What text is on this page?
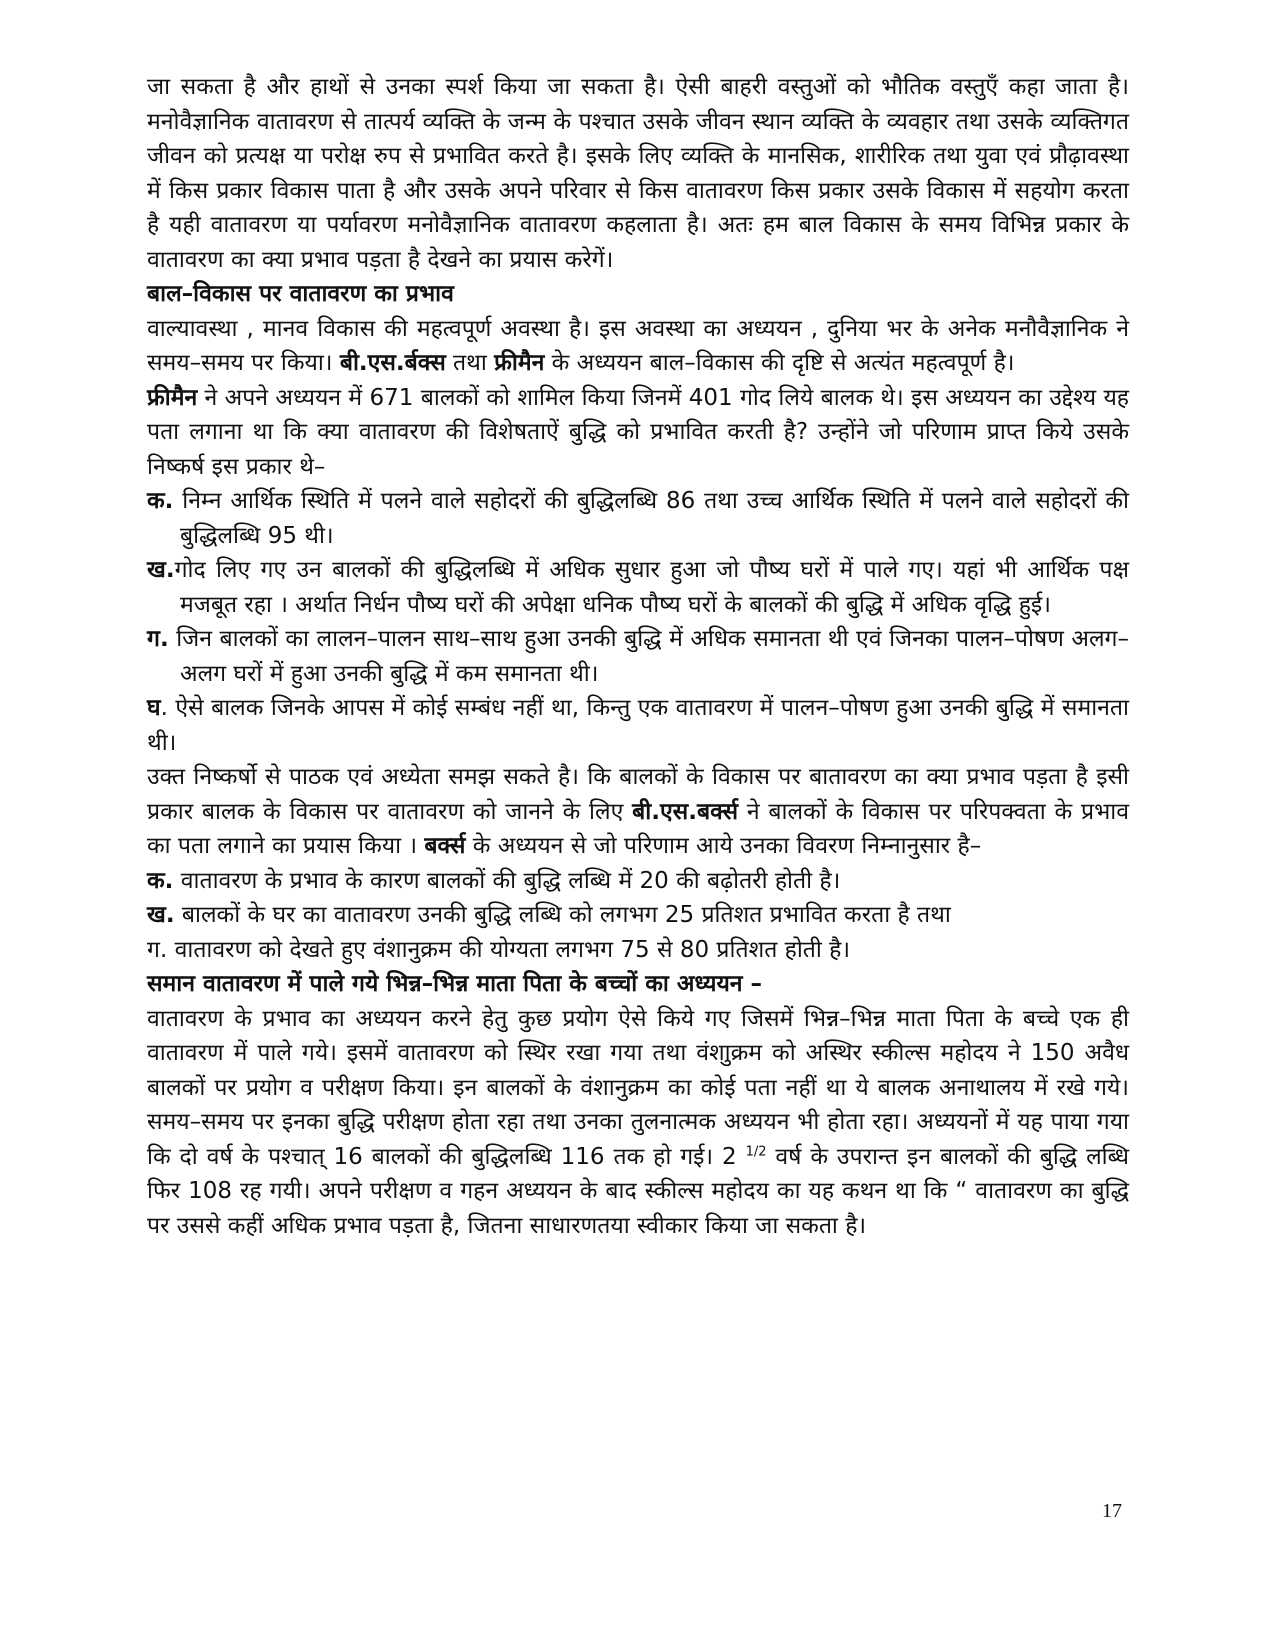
जा सकता है और हाथों से उनका स्पर्श किया जा सकता है। ऐसी बाहरी वस्तुओं को भौतिक वस्तुएँ कहा जाता है। मनोवैज्ञानिक वातावरण से तात्पर्य व्यक्ति के जन्म के पश्चात उसके जीवन स्थान व्यक्ति के व्यवहार तथा उसके व्यक्तिगत जीवन को प्रत्यक्ष या परोक्ष रुप से प्रभावित करते है। इसके लिए व्यक्ति के मानसिक, शारीरिक तथा युवा एवं प्रौढ़ावस्था में किस प्रकार विकास पाता है और उसके अपने परिवार से किस वातावरण किस प्रकार उसके विकास में सहयोग करता है यही वातावरण या पर्यावरण मनोवैज्ञानिक वातावरण कहलाता है। अतः हम बाल विकास के समय विभिन्न प्रकार के वातावरण का क्या प्रभाव पड़ता है देखने का प्रयास करेगें।

बाल–विकास पर वातावरण का प्रभाव

वाल्यावस्था , मानव विकास की महत्वपूर्ण अवस्था है। इस अवस्था का अध्ययन , दुनिया भर के अनेक मनौवैज्ञानिक ने समय–समय पर किया। बी.एस.र्बक्स तथा फ्रीमैन के अध्ययन बाल–विकास की दृष्टि से अत्यंत महत्वपूर्ण है।

फ्रीमैन ने अपने अध्ययन में 671 बालकों को शामिल किया जिनमें 401 गोद लिये बालक थे। इस अध्ययन का उद्देश्य यह पता लगाना था कि क्या वातावरण की विशेषताऐं बुद्धि को प्रभावित करती है? उन्होंने जो परिणाम प्राप्त किये उसके निष्कर्ष इस प्रकार थे–

क. निम्न आर्थिक स्थिति में पलने वाले सहोदरों की बुद्धिलब्धि 86 तथा उच्च आर्थिक स्थिति में पलने वाले सहोदरों की बुद्धिलब्धि 95 थी।

ख.गोद लिए गए उन बालकों की बुद्धिलब्धि में अधिक सुधार हुआ जो पौष्य घरों में पाले गए। यहां भी आर्थिक पक्ष मजबूत रहा । अर्थात निर्धन पौष्य घरों की अपेक्षा धनिक पौष्य घरों के बालकों की बुद्धि में अधिक वृद्धि हुई।

ग. जिन बालकों का लालन–पालन साथ–साथ हुआ उनकी बुद्धि में अधिक समानता थी एवं जिनका पालन–पोषण अलग–अलग घरों में हुआ उनकी बुद्धि में कम समानता थी।

घ. ऐसे बालक जिनके आपस में कोई सम्बंध नहीं था, किन्तु एक वातावरण में पालन–पोषण हुआ उनकी बुद्धि में समानता थी।

उक्त निष्कर्षो से पाठक एवं अध्येता समझ सकते है। कि बालकों के विकास पर बातावरण का क्या प्रभाव पड़ता है इसी प्रकार बालक के विकास पर वातावरण को जानने के लिए बी.एस.बर्क्स ने बालकों के विकास पर परिपक्वता के प्रभाव का पता लगाने का प्रयास किया । बर्क्स के अध्ययन से जो परिणाम आये उनका विवरण निम्नानुसार है–

क. वातावरण के प्रभाव के कारण बालकों की बुद्धि लब्धि में 20 की बढ़ोतरी होती है।

ख. बालकों के घर का वातावरण उनकी बुद्धि लब्धि को लगभग 25 प्रतिशत प्रभावित करता है तथा

ग. वातावरण को देखते हुए वंशानुक्रम की योग्यता लगभग 75 से 80 प्रतिशत होती है।

समान वातावरण में पाले गये भिन्न–भिन्न माता पिता के बच्चों का अध्ययन –

वातावरण के प्रभाव का अध्ययन करने हेतु कुछ प्रयोग ऐसे किये गए जिसमें भिन्न–भिन्न माता पिता के बच्चे एक ही वातावरण में पाले गये। इसमें वातावरण को स्थिर रखा गया तथा वंशाुक्रम को अस्थिर स्कील्स महोदय ने 150 अवैध बालकों पर प्रयोग व परीक्षण किया। इन बालकों के वंशानुक्रम का कोई पता नहीं था ये बालक अनाथालय में रखे गये। समय–समय पर इनका बुद्धि परीक्षण होता रहा तथा उनका तुलनात्मक अध्ययन भी होता रहा। अध्ययनों में यह पाया गया कि दो वर्ष के पश्चात् 16 बालकों की बुद्धिलब्धि 116 तक हो गई। 2 $^{1/2}$ वर्ष के उपरान्त इन बालकों की बुद्धि लब्धि फिर 108 रह गयी। अपने परीक्षण व गहन अध्ययन के बाद स्कील्स महोदय का यह कथन था कि “ वातावरण का बुद्धि पर उससे कहीं अधिक प्रभाव पड़ता है, जितना साधारणतया स्वीकार किया जा सकता है।

17
